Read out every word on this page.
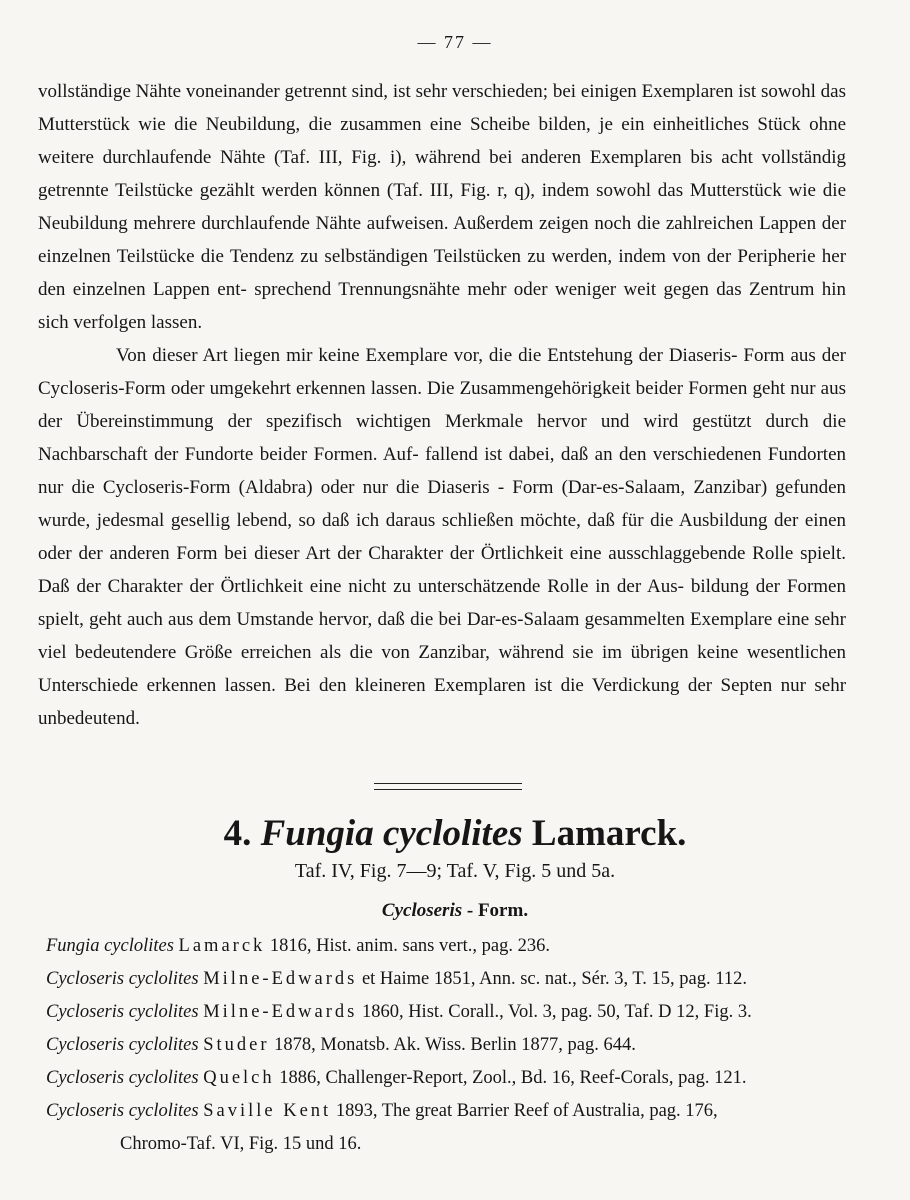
— 77 —

vollständige Nähte voneinander getrennt sind, ist sehr verschieden; bei einigen Exemplaren ist sowohl das Mutterstück wie die Neubildung, die zusammen eine Scheibe bilden, je ein einheitliches Stück ohne weitere durchlaufende Nähte (Taf. III, Fig. i), während bei anderen Exemplaren bis acht vollständig getrennte Teilstücke gezählt werden können (Taf. III, Fig. r, q), indem sowohl das Mutterstück wie die Neubildung mehrere durchlaufende Nähte aufweisen. Außerdem zeigen noch die zahlreichen Lappen der einzelnen Teilstücke die Tendenz zu selbständigen Teilstücken zu werden, indem von der Peripherie her den einzelnen Lappen ent- sprechend Trennungsnähte mehr oder weniger weit gegen das Zentrum hin sich verfolgen lassen.

Von dieser Art liegen mir keine Exemplare vor, die die Entstehung der Diaseris- Form aus der Cycloseris-Form oder umgekehrt erkennen lassen. Die Zusammengehörigkeit beider Formen geht nur aus der Übereinstimmung der spezifisch wichtigen Merkmale hervor und wird gestützt durch die Nachbarschaft der Fundorte beider Formen. Auf- fallend ist dabei, daß an den verschiedenen Fundorten nur die Cycloseris-Form (Aldabra) oder nur die Diaseris - Form (Dar-es-Salaam, Zanzibar) gefunden wurde, jedesmal gesellig lebend, so daß ich daraus schließen möchte, daß für die Ausbildung der einen oder der anderen Form bei dieser Art der Charakter der Örtlichkeit eine ausschlaggebende Rolle spielt. Daß der Charakter der Örtlichkeit eine nicht zu unterschätzende Rolle in der Aus- bildung der Formen spielt, geht auch aus dem Umstande hervor, daß die bei Dar-es-Salaam gesammelten Exemplare eine sehr viel bedeutendere Größe erreichen als die von Zanzibar, während sie im übrigen keine wesentlichen Unterschiede erkennen lassen. Bei den kleineren Exemplaren ist die Verdickung der Septen nur sehr unbedeutend.

4. Fungia cyclolites Lamarck.
Taf. IV, Fig. 7—9; Taf. V, Fig. 5 und 5a.
Cycloseris - Form.
Fungia cyclolites Lamarck 1816, Hist. anim. sans vert., pag. 236.
Cycloseris cyclolites Milne-Edwards et Haime 1851, Ann. sc. nat., Sér. 3, T. 15, pag. 112.
Cycloseris cyclolites Milne-Edwards 1860, Hist. Corall., Vol. 3, pag. 50, Taf. D 12, Fig. 3.
Cycloseris cyclolites Studer 1878, Monatsb. Ak. Wiss. Berlin 1877, pag. 644.
Cycloseris cyclolites Quelch 1886, Challenger-Report, Zool., Bd. 16, Reef-Corals, pag. 121.
Cycloseris cyclolites Saville Kent 1893, The great Barrier Reef of Australia, pag. 176,
Chromo-Taf. VI, Fig. 15 und 16.
